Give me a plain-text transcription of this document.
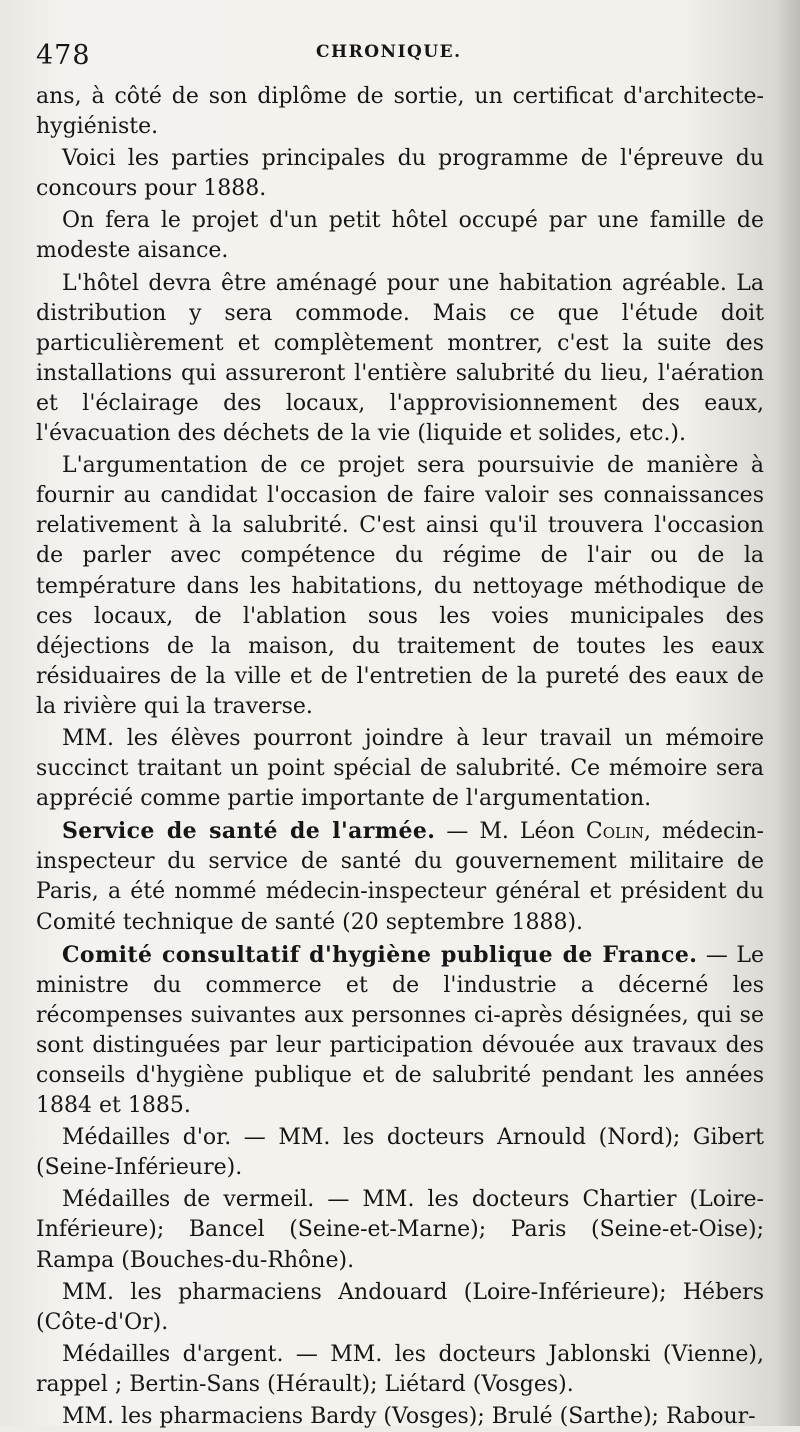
478	CHRONIQUE.

ans, à côté de son diplôme de sortie, un certificat d'architecte-hygiéniste.

Voici les parties principales du programme de l'épreuve du concours pour 1888.

On fera le projet d'un petit hôtel occupé par une famille de modeste aisance.

L'hôtel devra être aménagé pour une habitation agréable. La distribution y sera commode. Mais ce que l'étude doit particulièrement et complètement montrer, c'est la suite des installations qui assureront l'entière salubrité du lieu, l'aération et l'éclairage des locaux, l'approvisionnement des eaux, l'évacuation des déchets de la vie (liquide et solides, etc.).

L'argumentation de ce projet sera poursuivie de manière à fournir au candidat l'occasion de faire valoir ses connaissances relativement à la salubrité. C'est ainsi qu'il trouvera l'occasion de parler avec compétence du régime de l'air ou de la température dans les habitations, du nettoyage méthodique de ces locaux, de l'ablation sous les voies municipales des déjections de la maison, du traitement de toutes les eaux résiduaires de la ville et de l'entretien de la pureté des eaux de la rivière qui la traverse.

MM. les élèves pourront joindre à leur travail un mémoire succinct traitant un point spécial de salubrité. Ce mémoire sera apprécié comme partie importante de l'argumentation.

Service de santé de l'armée. — M. Léon Colin, médecin-inspecteur du service de santé du gouvernement militaire de Paris, a été nommé médecin-inspecteur général et président du Comité technique de santé (20 septembre 1888).

Comité consultatif d'hygiène publique de France. — Le ministre du commerce et de l'industrie a décerné les récompenses suivantes aux personnes ci-après désignées, qui se sont distinguées par leur participation dévouée aux travaux des conseils d'hygiène publique et de salubrité pendant les années 1884 et 1885.

Médailles d'or. — MM. les docteurs Arnould (Nord); Gibert (Seine-Inférieure).

Médailles de vermeil. — MM. les docteurs Chartier (Loire-Inférieure); Bancel (Seine-et-Marne); Paris (Seine-et-Oise); Rampa (Bouches-du-Rhône).

MM. les pharmaciens Andouard (Loire-Inférieure); Hébers (Côte-d'Or).

Médailles d'argent. — MM. les docteurs Jablonski (Vienne), rappel ; Bertin-Sans (Hérault); Liétard (Vosges).

MM. les pharmaciens Bardy (Vosges); Brulé (Sarthe); Rabour-
